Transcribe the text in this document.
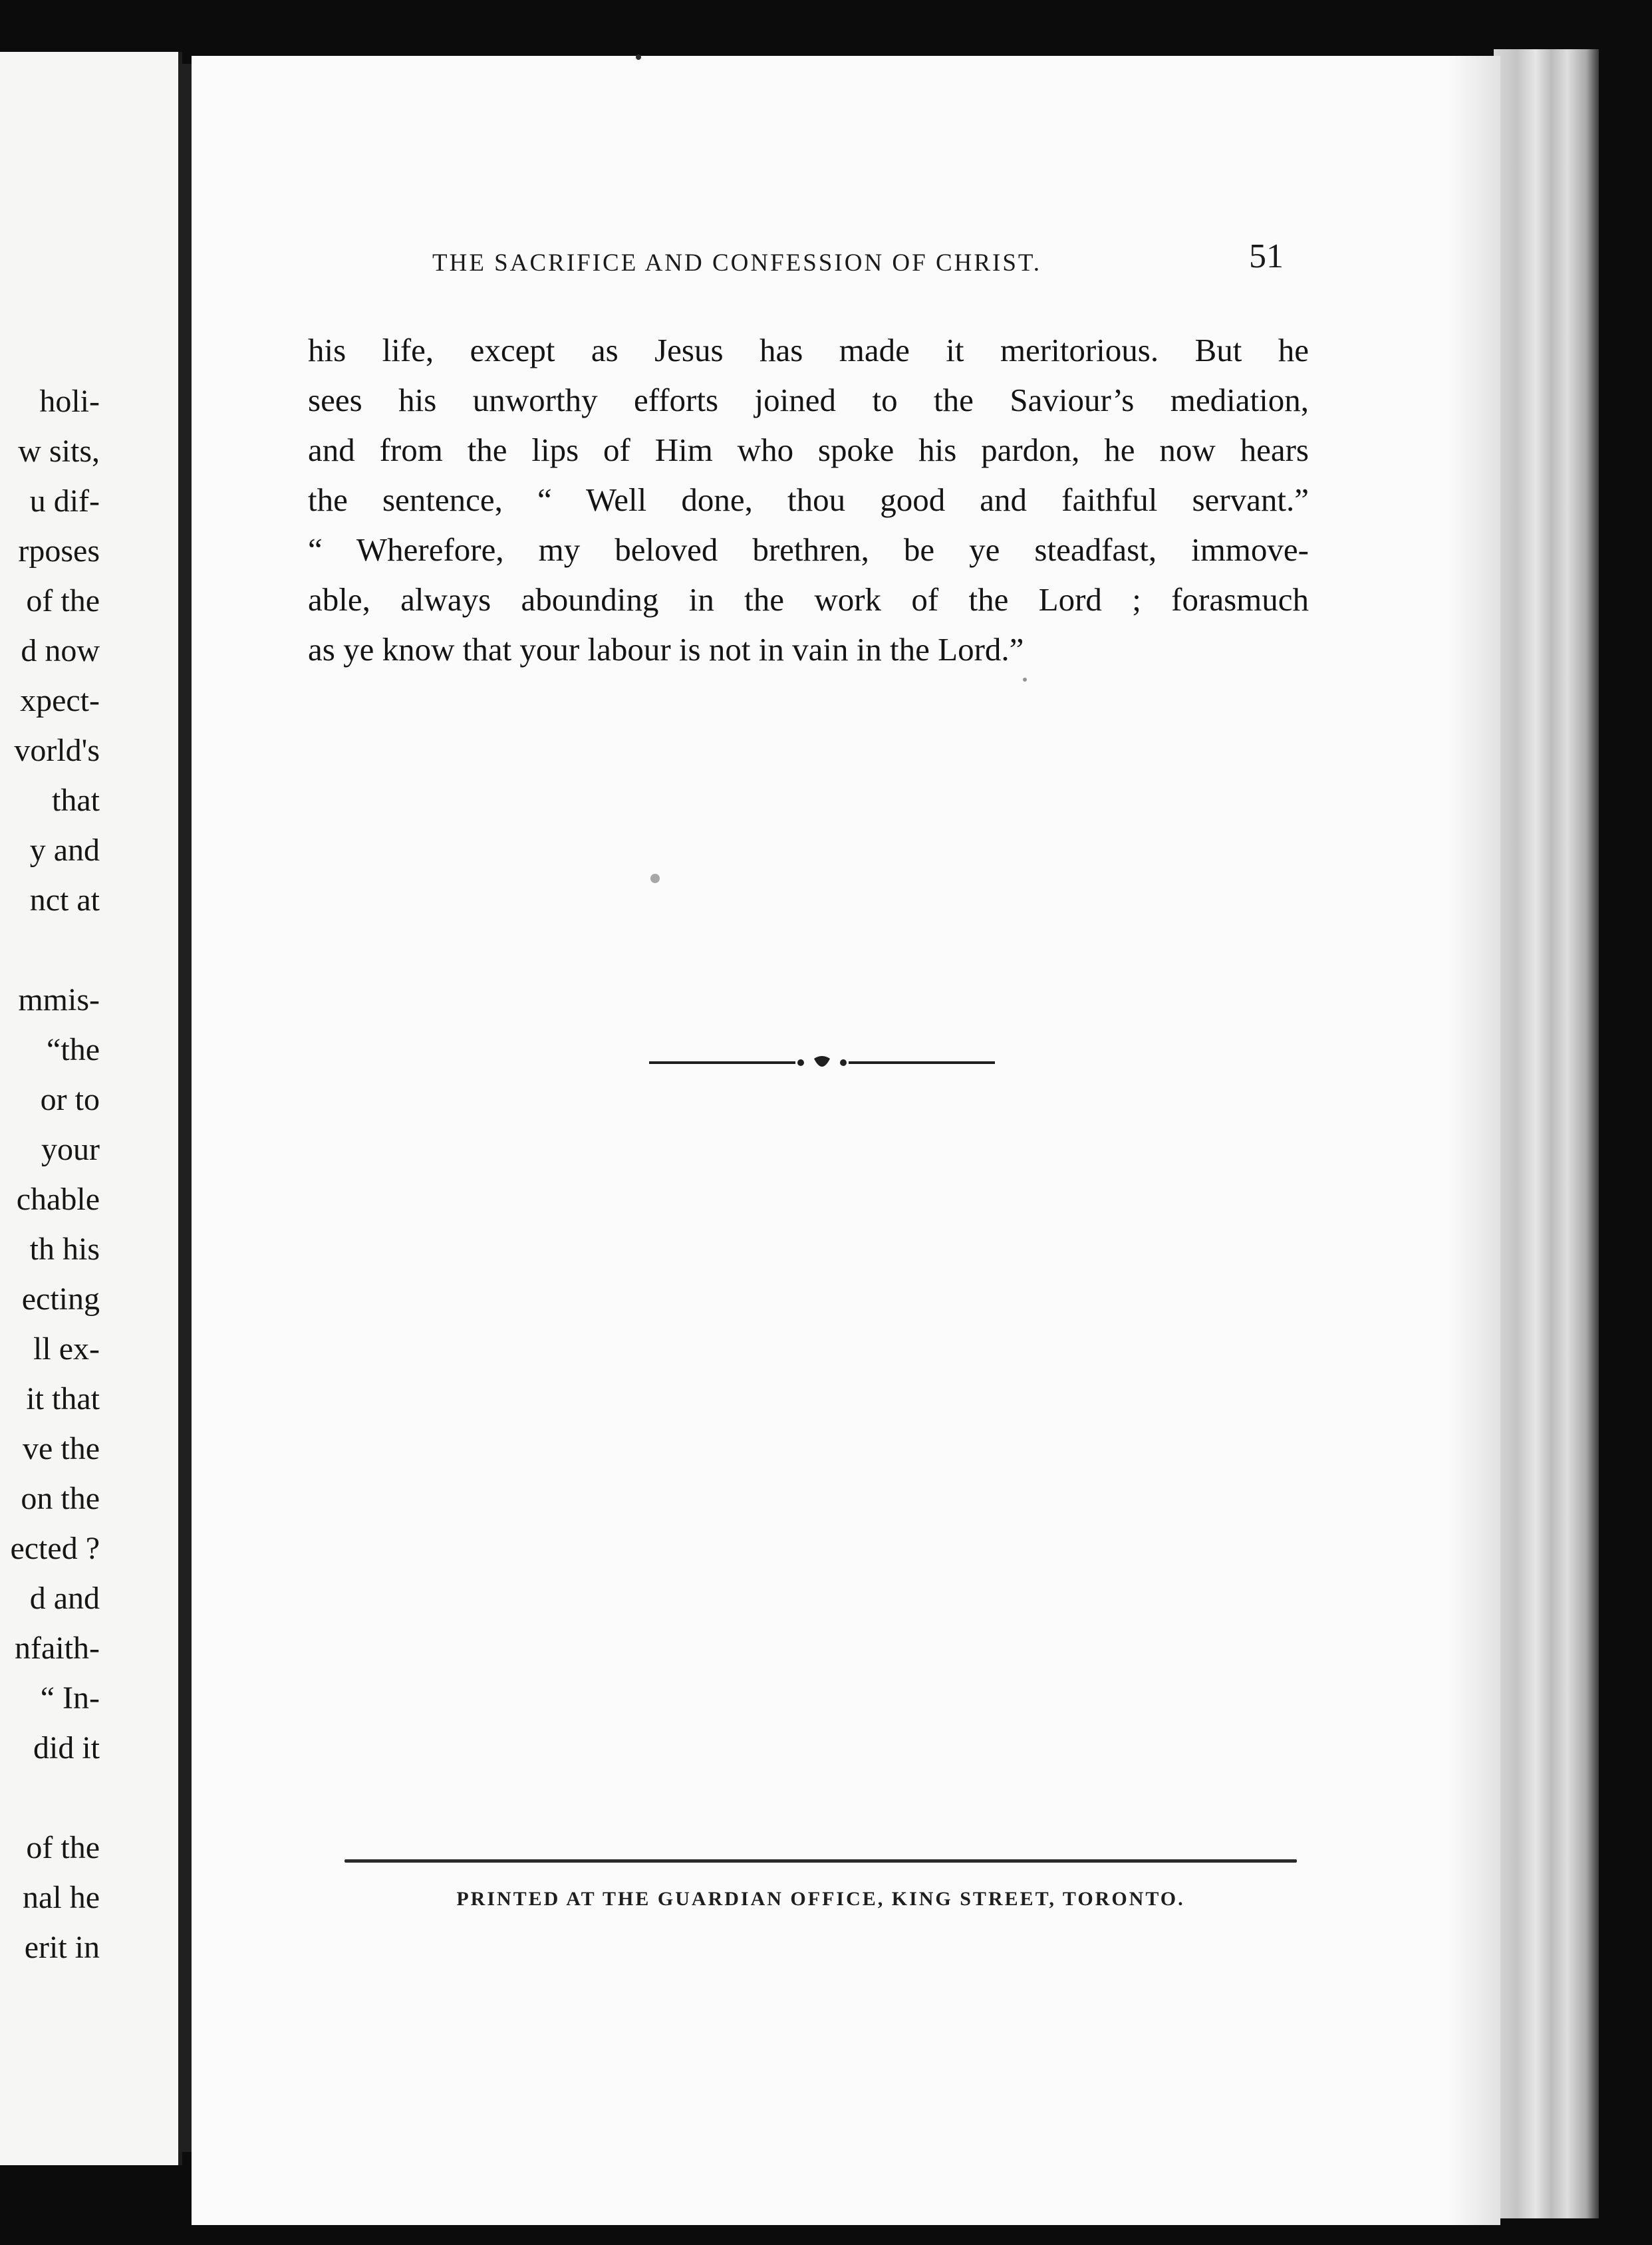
holi-
w sits,
u dif-
rposes
of the
d now
xpect-
vorld's
that
y and
nct at
mmis-
“the
or to
your
chable
th his
ecting
ll ex-
it that
ve the
on the
ected ?
d and
nfaith-
“ In-
did it
of the
nal he
erit in
THE SACRIFICE AND CONFESSION OF CHRIST.	51
his life, except as Jesus has made it meritorious. But he
sees his unworthy efforts joined to the Saviour’s mediation,
and from the lips of Him who spoke his pardon, he now hears
the sentence, “ Well done, thou good and faithful servant.”
“ Wherefore, my beloved brethren, be ye steadfast, immove-
able, always abounding in the work of the Lord ; forasmuch
as ye know that your labour is not in vain in the Lord.”
PRINTED AT THE GUARDIAN OFFICE, KING STREET, TORONTO.
